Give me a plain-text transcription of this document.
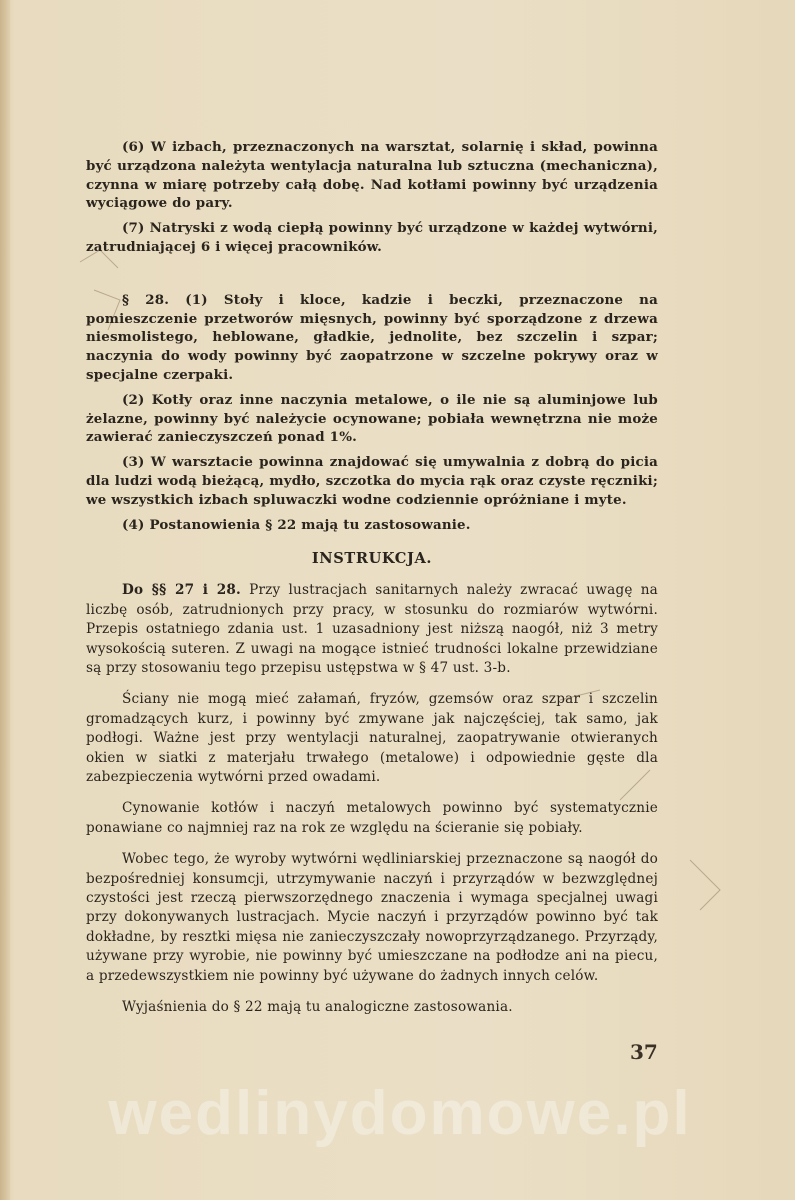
(6) W izbach, przeznaczonych na warsztat, solarnię i skład, powinna być urządzona należyta wentylacja naturalna lub sztuczna (mechaniczna), czynna w miarę potrzeby całą dobę. Nad kotłami powinny być urządzenia wyciągowe do pary.

(7) Natryski z wodą ciepłą powinny być urządzone w każdej wytwórni, zatrudniającej 6 i więcej pracowników.

§ 28. (1) Stoły i kloce, kadzie i beczki, przeznaczone na pomieszczenie przetworów mięsnych, powinny być sporządzone z drzewa niesmolistego, heblowane, gładkie, jednolite, bez szczelin i szpar; naczynia do wody powinny być zaopatrzone w szczelne pokrywy oraz w specjalne czerpaki.

(2) Kotły oraz inne naczynia metalowe, o ile nie są aluminjowe lub żelazne, powinny być należycie ocynowane; pobiała wewnętrzna nie może zawierać zanieczyszczeń ponad 1%.

(3) W warsztacie powinna znajdować się umywalnia z dobrą do picia dla ludzi wodą bieżącą, mydło, szczotka do mycia rąk oraz czyste ręczniki; we wszystkich izbach spluwaczki wodne codziennie opróżniane i myte.

(4) Postanowienia § 22 mają tu zastosowanie.

INSTRUKCJA.

Do §§ 27 i 28. Przy lustracjach sanitarnych należy zwracać uwagę na liczbę osób, zatrudnionych przy pracy, w stosunku do rozmiarów wytwórni. Przepis ostatniego zdania ust. 1 uzasadniony jest niższą naogół, niż 3 metry wysokością suteren. Z uwagi na mogące istnieć trudności lokalne przewidziane są przy stosowaniu tego przepisu ustępstwa w § 47 ust. 3-b.

Ściany nie mogą mieć załamań, fryzów, gzemsów oraz szpar i szczelin gromadzących kurz, i powinny być zmywane jak najczęściej, tak samo, jak podłogi. Ważne jest przy wentylacji naturalnej, zaopatrywanie otwieranych okien w siatki z materjału trwałego (metalowe) i odpowiednie gęste dla zabezpieczenia wytwórni przed owadami.

Cynowanie kotłów i naczyń metalowych powinno być systematycznie ponawiane co najmniej raz na rok ze względu na ścieranie się pobiały.

Wobec tego, że wyroby wytwórni wędliniarskiej przeznaczone są naogół do bezpośredniej konsumcji, utrzymywanie naczyń i przyrządów w bezwzględnej czystości jest rzeczą pierwszorzędnego znaczenia i wymaga specjalnej uwagi przy dokonywanych lustracjach. Mycie naczyń i przyrządów powinno być tak dokładne, by resztki mięsa nie zanieczyszczały nowoprzyrządzanego. Przyrządy, używane przy wyrobie, nie powinny być umieszczane na podłodze ani na piecu, a przedewszystkiem nie powinny być używane do żadnych innych celów.

Wyjaśnienia do § 22 mają tu analogiczne zastosowania.

37
wedlinydomowe.pl
